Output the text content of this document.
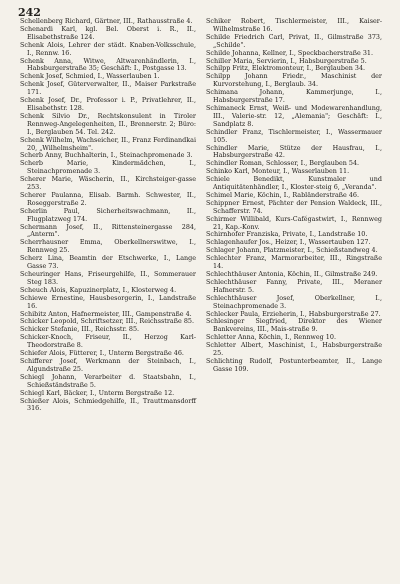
242

Schellenberg Richard, Gärtner, III., Rathausstraße 4.

Schenardi Karl, kgl. Bel. Oberst i. R., II., Elisabethstraße 124.

Schenk Alois, Lehrer der städt. Knaben-Volksschule, I., Rennw. 16.

Schenk Anna, Witwe, Altwarenhändlerin, I., Habsburgerstraße 35; Geschäft: I., Postgasse 13.

Schenk Josef, Schmied, I., Wasserlauben 1.

Schenk Josef, Güterverwalter, II., Maiser Parkstraße 171.

Schenk Josef, Dr., Professor i. P., Privatlehrer, II., Elisabethstr. 128.

Schenk Silvio Dr., Rechtskonsulent in Tiroler Rennweg-Angelegenheiten, II., Brennerstr. 2; Büro: I., Berglauben 54. Tel. 242.

Schenk Wilhelm, Wachseicher, II., Franz Ferdinandkai 20, „Wilhelmsheim".

Scherb Anny, Buchhalterin, I., Steinachpromenade 3.

Scherb Marie, Kindermädchen, I., Steinachpromenade 3.

Scherer Marie, Wäscherin, II., Kirchsteiger-gasse 253.

Scherer Paulanna, Elisab. Barmh. Schwester, II., Roseggerstraße 2.

Scherlin Paul, Sicherheitswachmann, II., Flugplatzweg 174.

Schermann Josef, II., Rittensteinergasse 284, „Anterm".

Scherrhausner Emma, Oberkellnerswitwe, I., Rennweg 25.

Scherz Lina, Beamtin der Etschwerke, I., Lange Gasse 73.

Scheuringer Hans, Friseurgehilfe, II., Sommerauer Steg 183.

Scheuch Alois, Kapuzinerplatz, I., Klosterweg 4.

Schiewe Ernestine, Hausbesorgerin, I., Landstraße 16.

Schibitz Anton, Hafnermeister, III., Gampenstraße 4.

Schicker Leopold, Schriftsetzer, III., Reichsstraße 85.

Schicker Stefanie, III., Reichsstr. 85.

Schicker-Knoch, Friseur, II., Herzog Karl-Theodorstraße 8.

Schiefer Alois, Fütterer, I., Unterm Bergstraße 46.

Schifferer Josef, Werkmann der Steinbach, I., Algundstraße 25.

Schiegl Johann, Verarbeiter d. Staatsbahn, I., Schießständstraße 5.

Schiegl Karl, Bäcker, I., Unterm Bergstraße 12.

Schießer Alois, Schmiedgehilfe, II., Trauttmansdorff 316.

Schiker Robert, Tischlermeister, III., Kaiser-Wilhelmstraße 16.

Schilde Friedrich Carl, Privat, II., Gilmstraße 373, „Schilde".

Schilde Johanna, Kellner, I., Speckbacherstraße 31.

Schiller Maria, Servierin, I., Habsburgerstraße 5.

Schilpp Fritz, Elektromonteur, I., Berglauben 34.

Schilpp Johann Friedr., Maschinist der Kurvorstehung, I., Berglaub. 34.

Schimana Johann, Kammerjunge, I., Habsburgerstraße 17.

Schimaneck Ernst, Weiß- und Modewarenhandlung, III., Valerie-str. 12, „Alemania"; Geschäft: I., Sandplatz 8.

Schindler Franz, Tischlermeister, I., Wassermauer 105.

Schindler Marie, Stütze der Hausfrau, I., Habsburgerstraße 42.

Schindler Roman, Schlosser, I., Berglauben 54.

Schinko Karl, Monteur, I., Wasserlauben 11.

Schiele Benedikt, Kunstmaler und Antiquitätenhändler, I., Kloster-steig 6, „Veranda".

Schimel Marie, Köchin, I., Rabländerstraße 46.

Schippner Ernest, Pächter der Pension Waldeck, III., Schafferstr. 74.

Schirmer Willibald, Kurs-Cafégastwirt, I., Rennweg 21, Kap.-Konv.

Schirnhofer Franziska, Private, I., Landstraße 10.

Schlagenhaufer Jos., Heizer, I., Wassertauben 127.

Schlager Johann, Platzmeister, I., Schießstandweg 4.

Schlechter Franz, Marmorarbeiter, III., Ringstraße 14.

Schlechthäuser Antonia, Köchin, II., Gilmstraße 249.

Schlechthäuser Fanny, Private, III., Meraner Hafnerstr. 5.

Schlechthäuser Josef, Oberkellner, I., Steinachpromenade 3.

Schlecker Paula, Erzieherin, I., Habsburgerstraße 27.

Schlesinger Siegfried, Direktor des Wiener Bankvereins, III., Mais-straße 9.

Schletter Anna, Köchin, I., Rennweg 10.

Schletter Albert, Maschinist, I., Habsburgerstraße 25.

Schlichting Rudolf, Postunterbeamter, II., Lange Gasse 109.
